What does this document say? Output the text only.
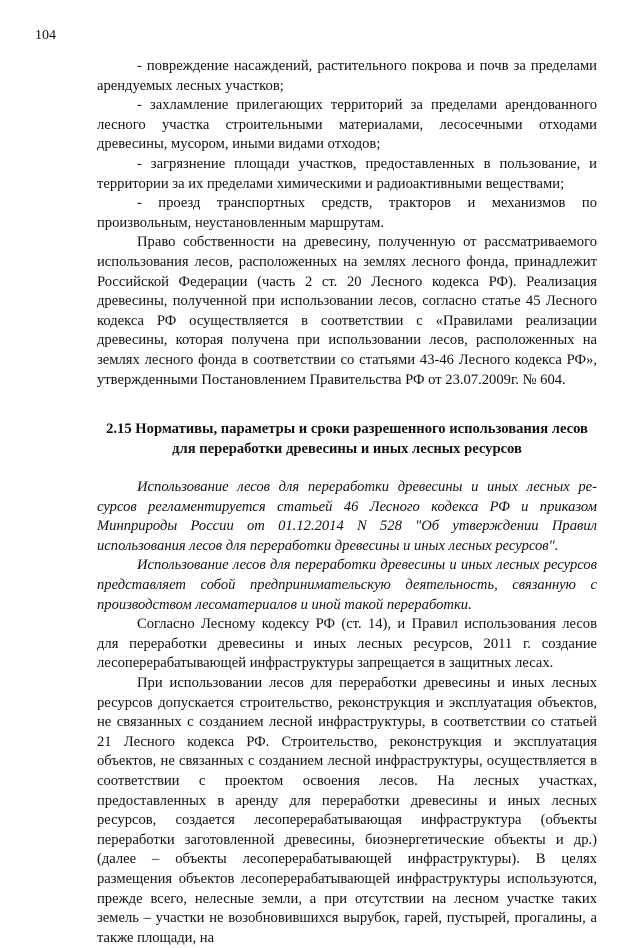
104

- повреждение насаждений, растительного покрова и почв за пределами арендуемых лесных участков;

- захламление прилегающих территорий за пределами арендованного лесного участка строительными материалами, лесосечными отходами древесины, мусором, иными видами отходов;

- загрязнение площади участков, предоставленных в пользование, и территории за их пределами химическими и радиоактивными веществами;

- проезд транспортных средств, тракторов и механизмов по произвольным, неустановленным маршрутам.

Право собственности на древесину, полученную от рассматриваемого использования лесов, расположенных на землях лесного фонда, принадлежит Российской Федерации (часть 2 ст. 20 Лесного кодекса РФ). Реализация древесины, полученной при использовании лесов, согласно статье 45 Лесного кодекса РФ осуществляется в соответствии с «Правилами реализации древесины, которая получена при использовании лесов, расположенных на землях лесного фонда в соответствии со статьями 43-46 Лесного кодекса РФ», утвержденными Постановлением Правительства РФ от 23.07.2009г. № 604.

2.15 Нормативы, параметры и сроки разрешенного использования лесов
для переработки древесины и иных лесных ресурсов

Использование лесов для переработки древесины и иных лесных ре- сурсов регламентируется статьей 46 Лесного кодекса РФ и приказом Минприроды России от 01.12.2014 N 528 "Об утверждении Правил использования лесов для переработки древесины и иных лесных ресурсов".

Использование лесов для переработки древесины и иных лесных ресурсов представляет собой предпринимательскую деятельность, связанную с производством лесоматериалов и иной такой переработки.

Согласно Лесному кодексу РФ (ст. 14), и Правил использования лесов для переработки древесины и иных лесных ресурсов, 2011 г. создание лесоперерабатывающей инфраструктуры запрещается в защитных лесах.

При использовании лесов для переработки древесины и иных лесных ресурсов допускается строительство, реконструкция и эксплуатация объектов, не связанных с созданием лесной инфраструктуры, в соответствии со статьей 21 Лесного кодекса РФ. Строительство, реконструкция и эксплуатация объектов, не связанных с созданием лесной инфраструктуры, осуществляется в соответствии с проектом освоения лесов. На лесных участках, предоставленных в аренду для переработки древесины и иных лесных ресурсов, создается лесоперерабатывающая инфраструктура (объекты переработки заготовленной древесины, биоэнергетические объекты и др.) (далее – объекты лесоперерабатывающей инфраструктуры). В целях размещения объектов лесоперерабатывающей инфраструктуры используются, прежде всего, нелесные земли, а при отсутствии на лесном участке таких земель – участки не возобновившихся вырубок, гарей, пустырей, прогалины, а также площади, на
